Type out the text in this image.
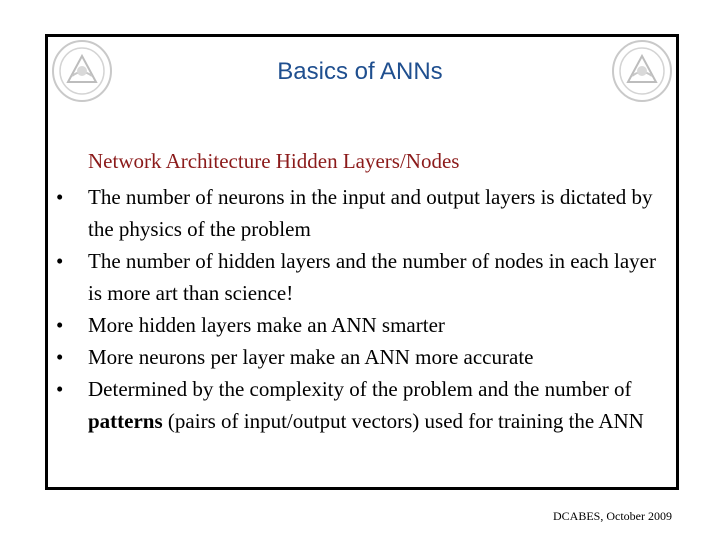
Basics of ANNs
Network Architecture Hidden Layers/Nodes
•	The number of neurons in the input and output layers is dictated by the physics of the problem
•	The number of hidden layers and the number of nodes in each layer is more art than science!
•	More hidden layers make an ANN smarter
•	More neurons per layer make an ANN more accurate
•	Determined by the complexity of the problem and the number of patterns (pairs of input/output vectors) used for training the ANN
DCABES, October 2009
